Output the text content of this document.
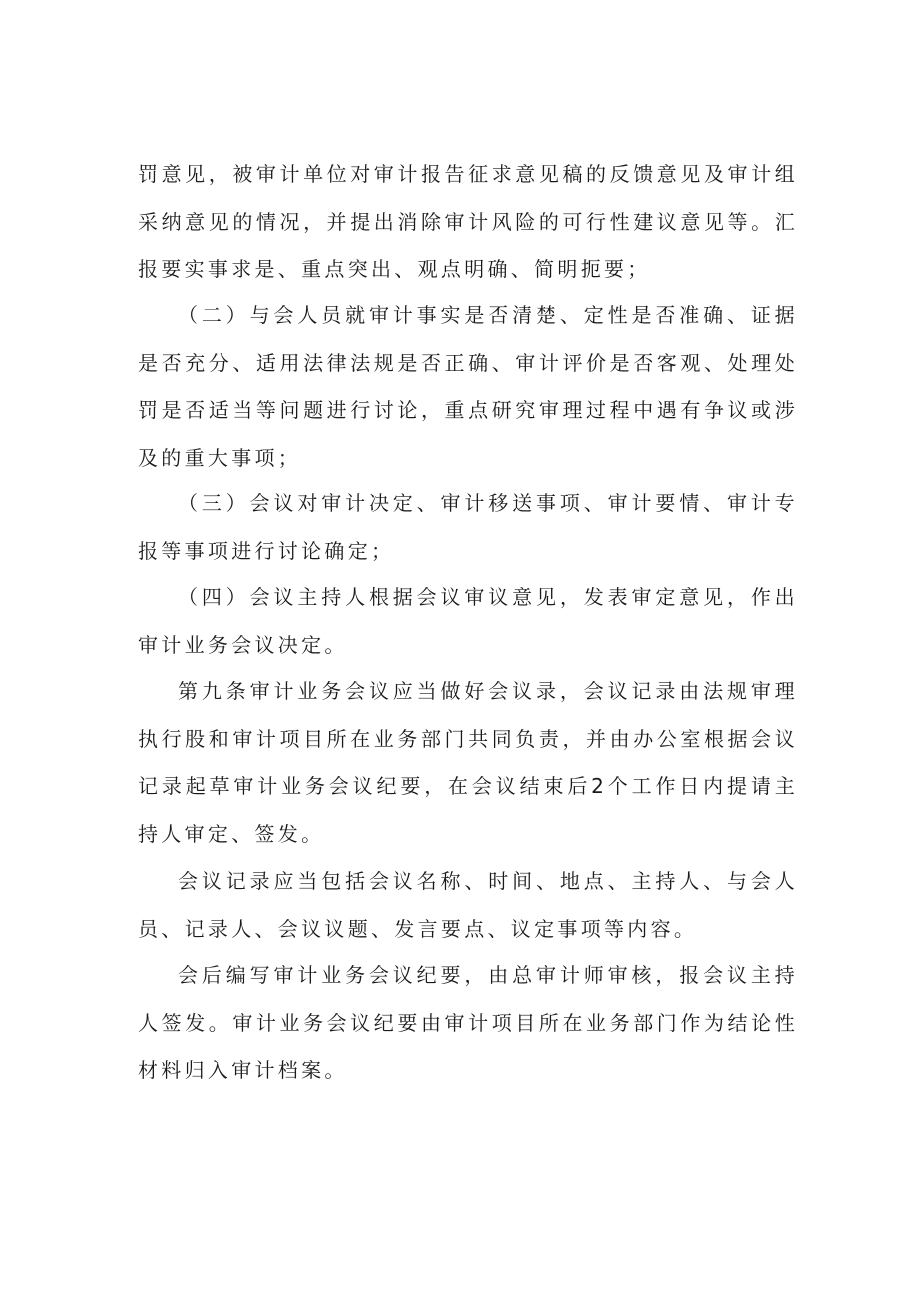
罚意见，被审计单位对审计报告征求意见稿的反馈意见及审计组采纳意见的情况，并提出消除审计风险的可行性建议意见等。汇报要实事求是、重点突出、观点明确、简明扼要；

（二）与会人员就审计事实是否清楚、定性是否准确、证据是否充分、适用法律法规是否正确、审计评价是否客观、处理处罚是否适当等问题进行讨论，重点研究审理过程中遇有争议或涉及的重大事项；

（三）会议对审计决定、审计移送事项、审计要情、审计专报等事项进行讨论确定；

（四）会议主持人根据会议审议意见，发表审定意见，作出审计业务会议决定。

第九条审计业务会议应当做好会议录，会议记录由法规审理执行股和审计项目所在业务部门共同负责，并由办公室根据会议记录起草审计业务会议纪要，在会议结束后2个工作日内提请主持人审定、签发。

会议记录应当包括会议名称、时间、地点、主持人、与会人员、记录人、会议议题、发言要点、议定事项等内容。

会后编写审计业务会议纪要，由总审计师审核，报会议主持人签发。审计业务会议纪要由审计项目所在业务部门作为结论性材料归入审计档案。
